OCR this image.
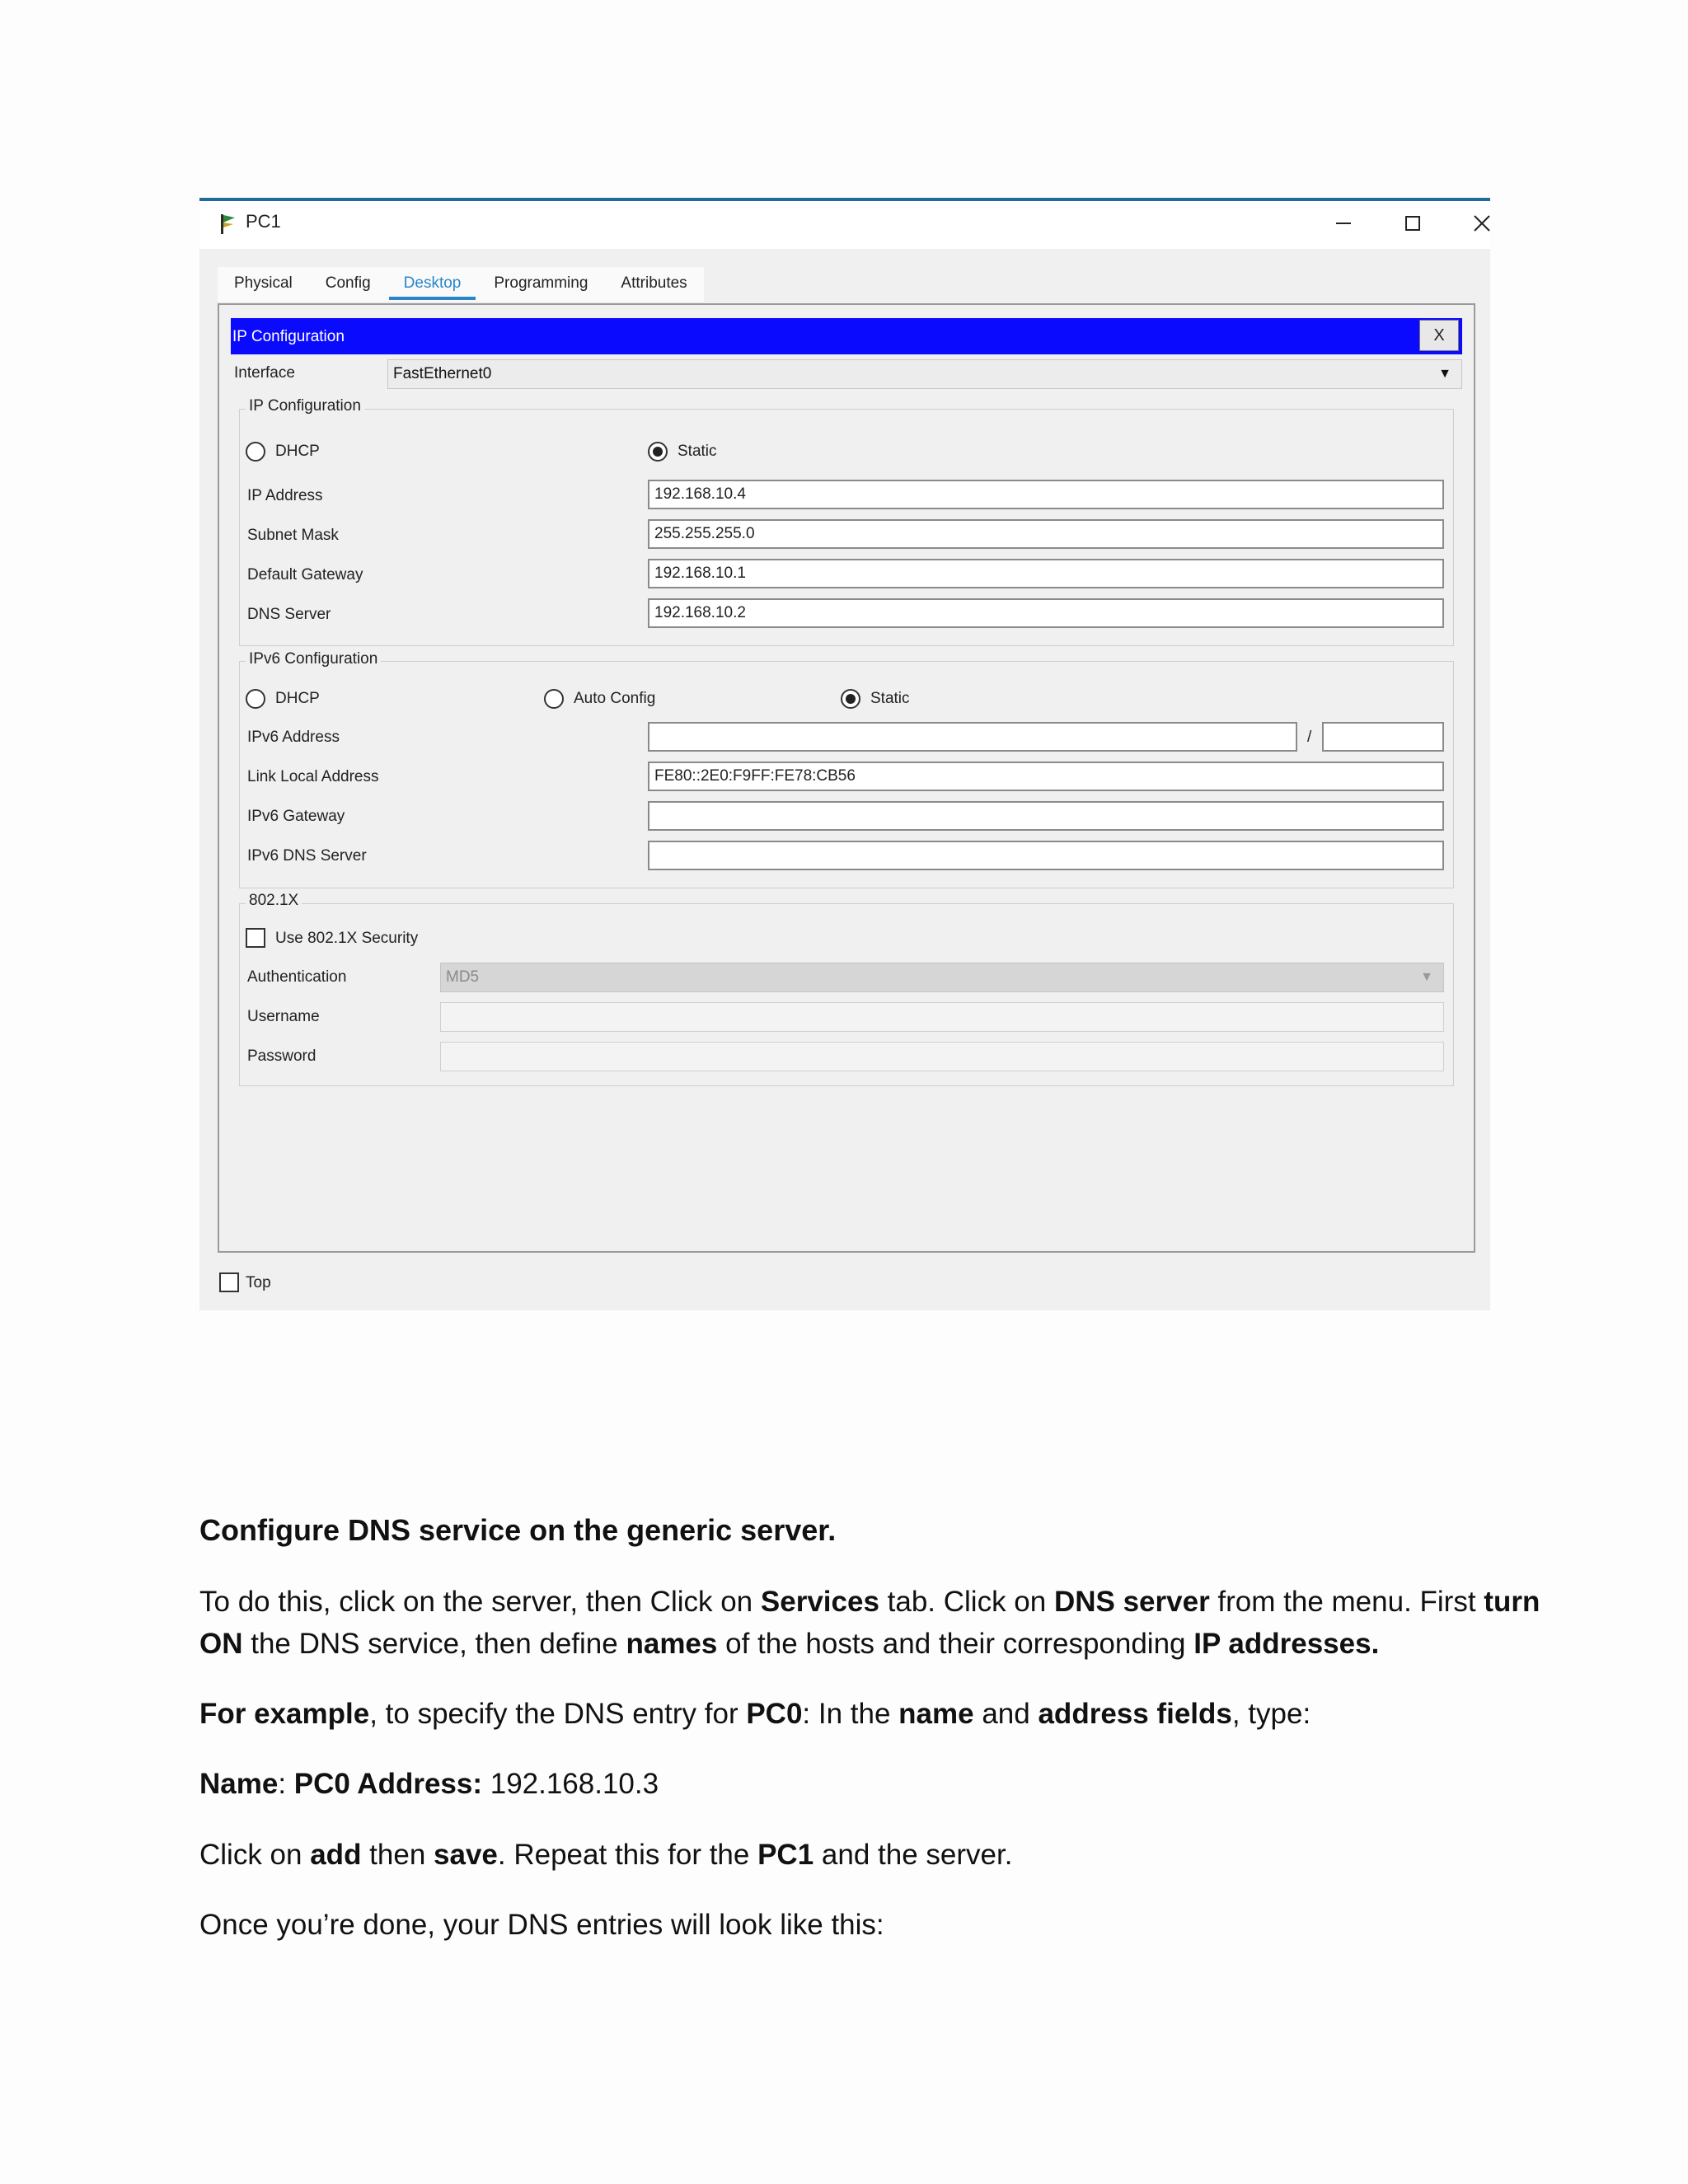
PC1
Physical	Config	Desktop	Programming	Attributes
IP Configuration	X
Interface	FastEthernet0	▼
IP Configuration
DHCP	Static
IP Address	192.168.10.4
Subnet Mask	255.255.255.0
Default Gateway	192.168.10.1
DNS Server	192.168.10.2
IPv6 Configuration
DHCP	Auto Config	Static
IPv6 Address	/
Link Local Address	FE80::2E0:F9FF:FE78:CB56
IPv6 Gateway
IPv6 DNS Server
802.1X
Use 802.1X Security
Authentication	MD5	▼
Username
Password
Top
Configure DNS service on the generic server.
To do this, click on the server, then Click on Services tab. Click on DNS server from the menu. First turn
ON the DNS service, then define names of the hosts and their corresponding IP addresses.
For example, to specify the DNS entry for PC0: In the name and address fields, type:
Name: PC0 Address: 192.168.10.3
Click on add then save. Repeat this for the PC1 and the server.
Once you’re done, your DNS entries will look like this:
